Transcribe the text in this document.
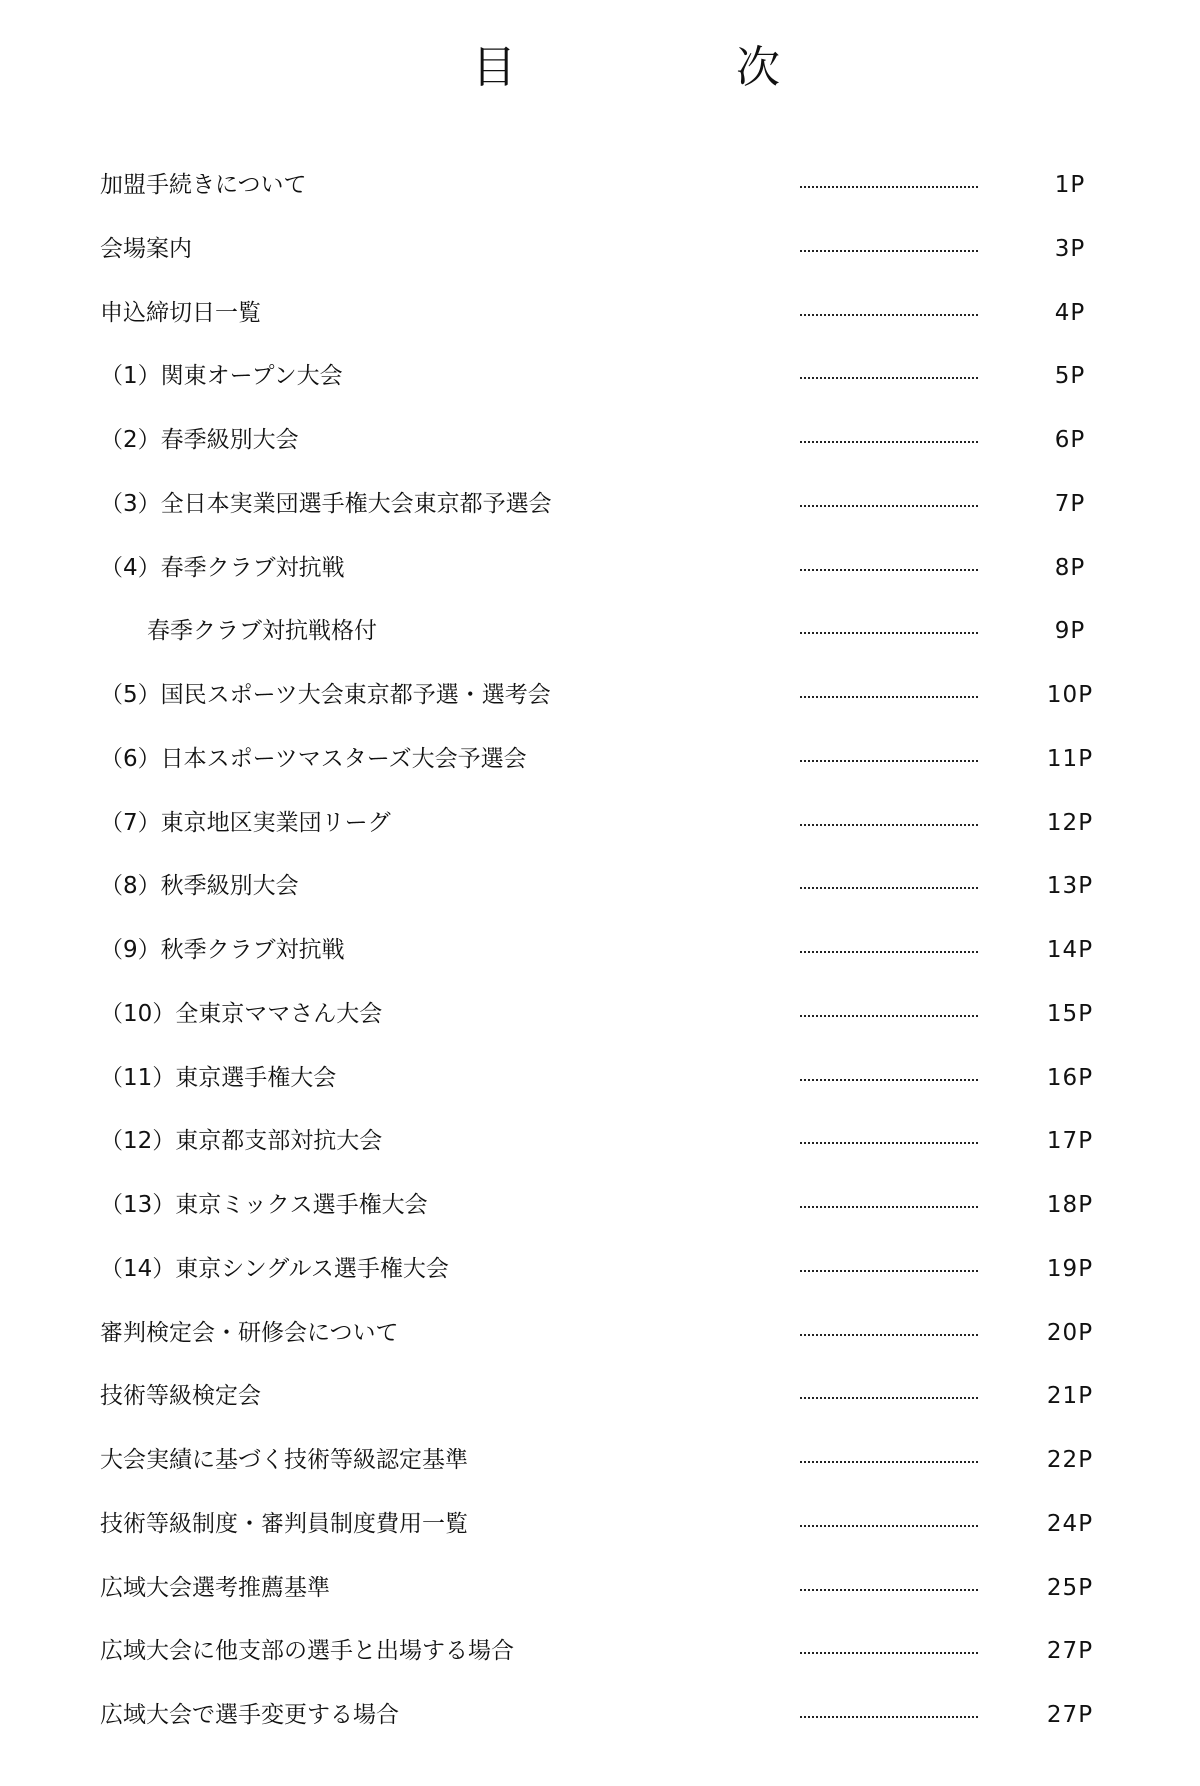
目	次
加盟手続きについて	1P
会場案内	3P
申込締切日一覧	4P
（1）関東オープン大会	5P
（2）春季級別大会	6P
（3）全日本実業団選手権大会東京都予選会	7P
（4）春季クラブ対抗戦	8P
春季クラブ対抗戦格付	9P
（5）国民スポーツ大会東京都予選・選考会	10P
（6）日本スポーツマスターズ大会予選会	11P
（7）東京地区実業団リーグ	12P
（8）秋季級別大会	13P
（9）秋季クラブ対抗戦	14P
（10）全東京ママさん大会	15P
（11）東京選手権大会	16P
（12）東京都支部対抗大会	17P
（13）東京ミックス選手権大会	18P
（14）東京シングルス選手権大会	19P
審判検定会・研修会について	20P
技術等級検定会	21P
大会実績に基づく技術等級認定基準	22P
技術等級制度・審判員制度費用一覧	24P
広域大会選考推薦基準	25P
広域大会に他支部の選手と出場する場合	27P
広域大会で選手変更する場合	27P
